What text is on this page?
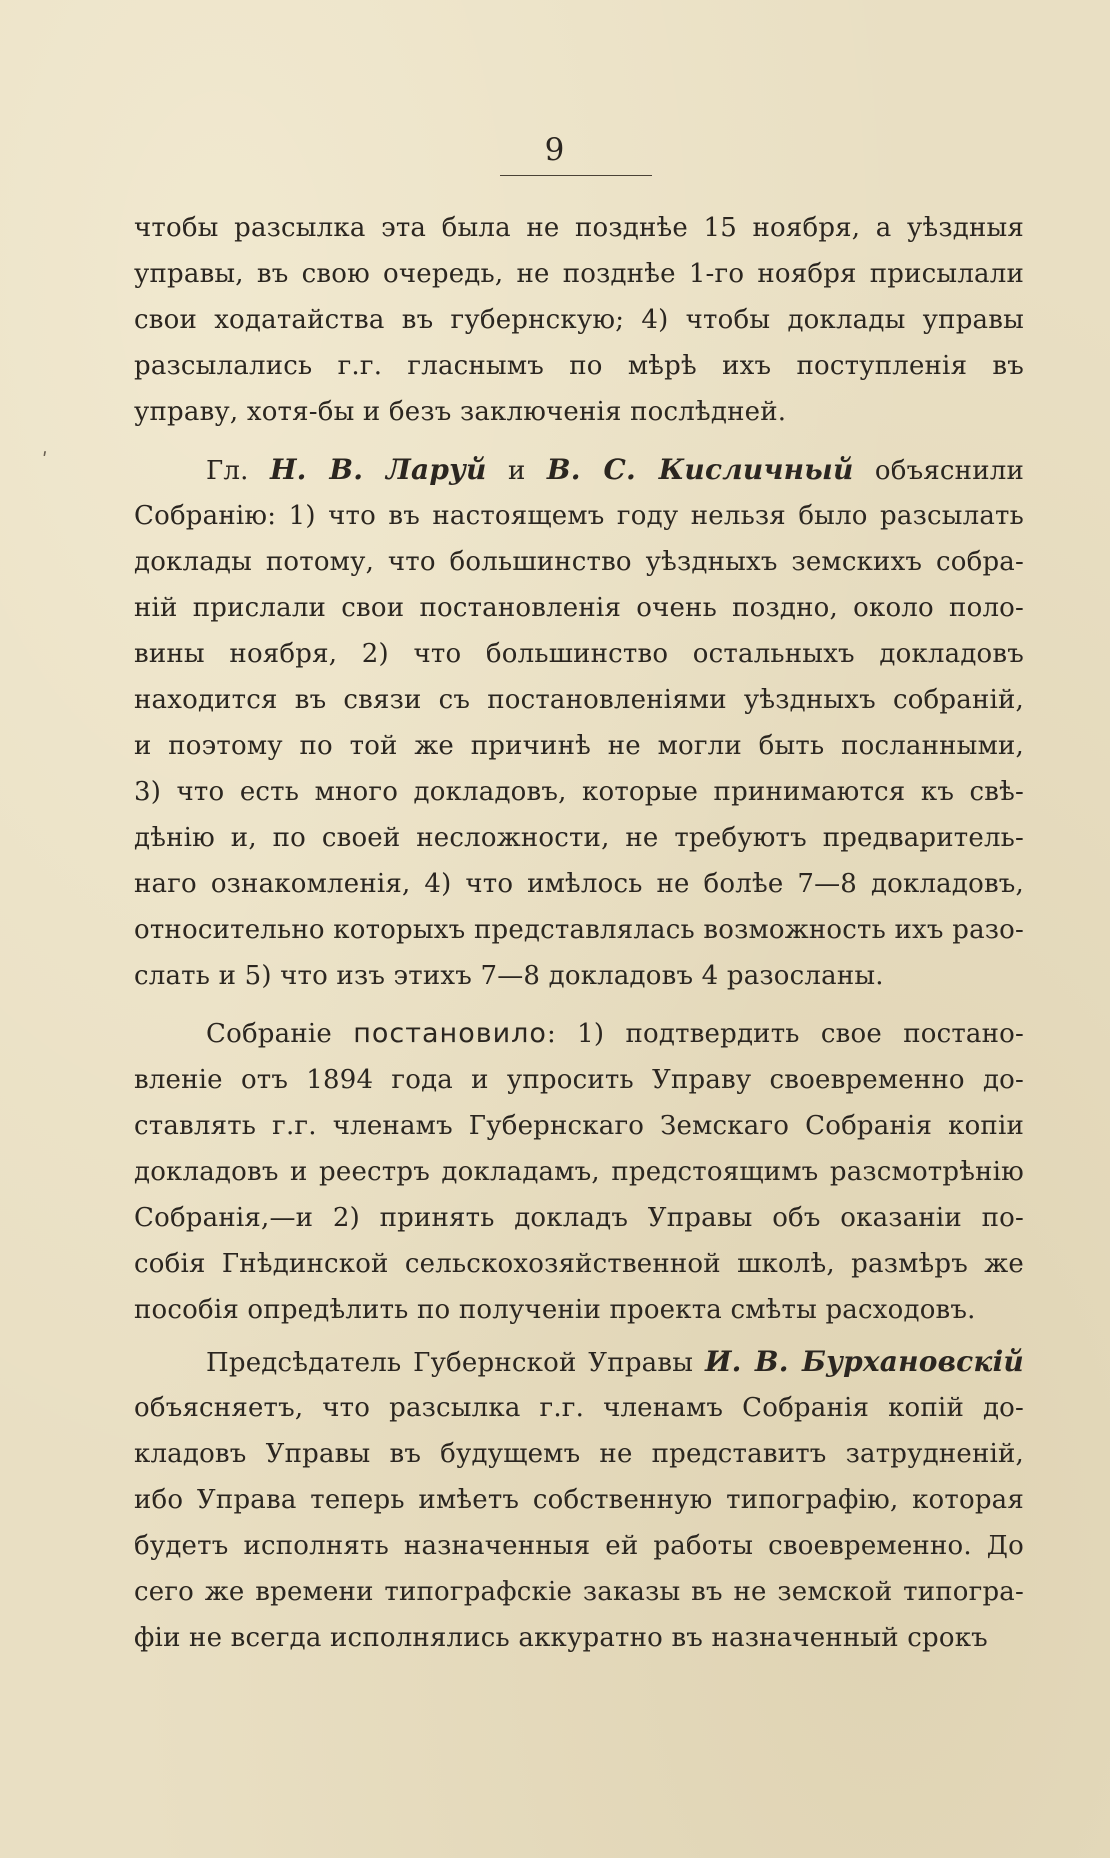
9
ʹ
чтобы разсылка эта была не позднѣе 15 ноября, а уѣздныя
управы, въ свою очередь, не позднѣе 1-го ноября присылали
свои ходатайства въ губернскую; 4) чтобы доклады управы
разсылались г.г. гласнымъ по мѣрѣ ихъ поступленія въ
управу, хотя-бы и безъ заключенія послѣдней.
Гл. Н. В. Ларуй и В. С. Кисличный объяснили
Собранію: 1) что въ настоящемъ году нельзя было разсылать
доклады потому, что большинство уѣздныхъ земскихъ собра-
ній прислали свои постановленія очень поздно, около поло-
вины ноября, 2) что большинство остальныхъ докладовъ
находится въ связи съ постановленіями уѣздныхъ собраній,
и поэтому по той же причинѣ не могли быть посланными,
3) что есть много докладовъ, которые принимаются къ свѣ-
дѣнію и, по своей несложности, не требуютъ предваритель-
наго ознакомленія, 4) что имѣлось не болѣе 7—8 докладовъ,
относительно которыхъ представлялась возможность ихъ разо-
слать и 5) что изъ этихъ 7—8 докладовъ 4 разосланы.
Собраніе постановило: 1) подтвердить свое постано-
вленіе отъ 1894 года и упросить Управу своевременно до-
ставлять г.г. членамъ Губернскаго Земскаго Собранія копіи
докладовъ и реестръ докладамъ, предстоящимъ разсмотрѣнію
Собранія,—и 2) принять докладъ Управы объ оказаніи по-
собія Гнѣдинской сельскохозяйственной школѣ, размѣръ же
пособія опредѣлить по полученіи проекта смѣты расходовъ.
Предсѣдатель Губернской Управы И. В. Бурхановскій
объясняетъ, что разсылка г.г. членамъ Собранія копій до-
кладовъ Управы въ будущемъ не представитъ затрудненій,
ибо Управа теперь имѣетъ собственную типографію, которая
будетъ исполнять назначенныя ей работы своевременно. До
сего же времени типографскіе заказы въ не земской типогра-
фіи не всегда исполнялись аккуратно въ назначенный срокъ
